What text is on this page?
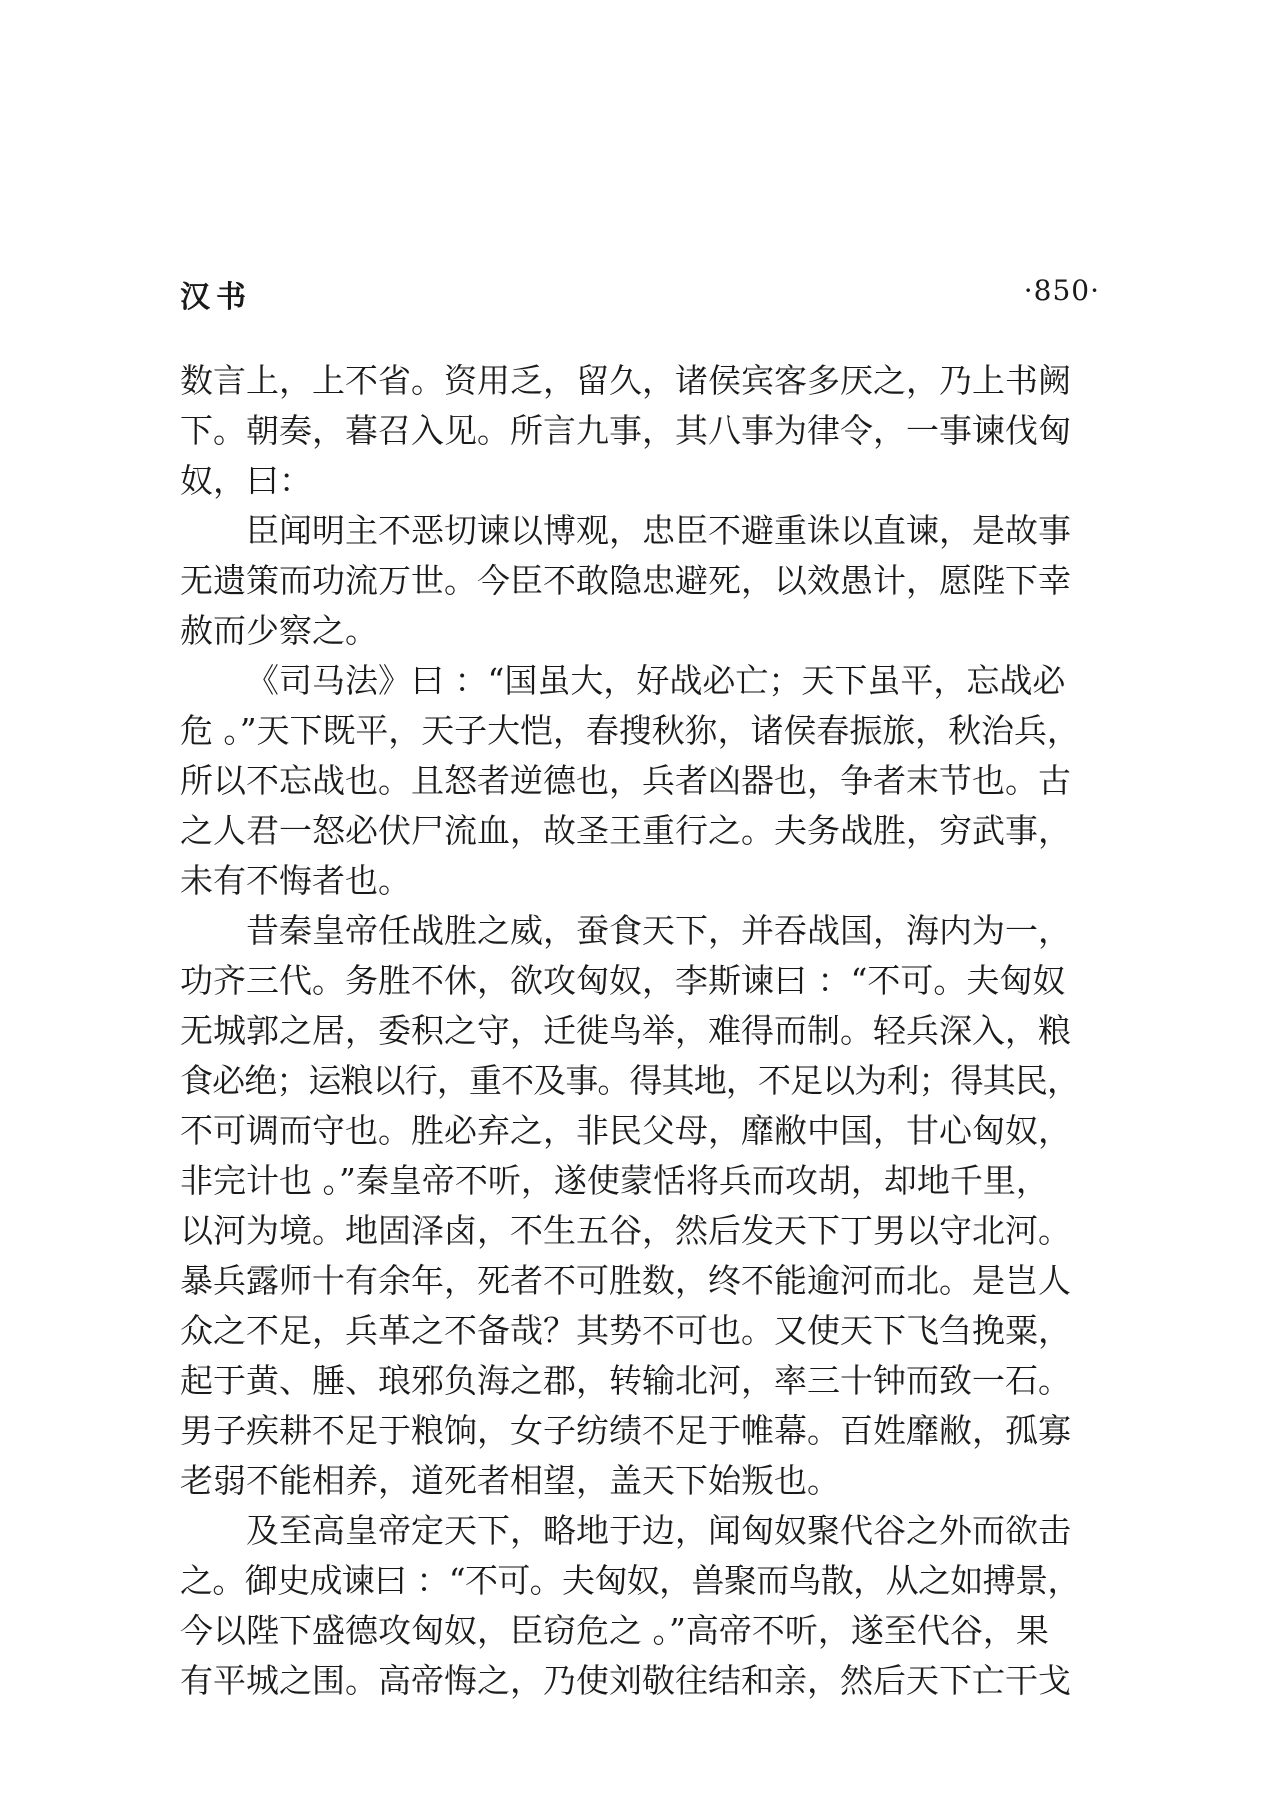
汉书	·850·
数言上，上不省。资用乏，留久，诸侯宾客多厌之，乃上书阙
下。朝奏，暮召入见。所言九事，其八事为律令，一事谏伐匈
奴，曰：
臣闻明主不恶切谏以博观，忠臣不避重诛以直谏，是故事
无遗策而功流万世。今臣不敢隐忠避死，以效愚计，愿陛下幸
赦而少察之。
《司马法》曰 ：“国虽大，好战必亡；天下虽平，忘战必
危 。”天下既平，天子大恺，春搜秋狝，诸侯春振旅，秋治兵，
所以不忘战也。且怒者逆德也，兵者凶器也，争者末节也。古
之人君一怒必伏尸流血，故圣王重行之。夫务战胜，穷武事，
未有不悔者也。
昔秦皇帝任战胜之威，蚕食天下，并吞战国，海内为一，
功齐三代。务胜不休，欲攻匈奴，李斯谏曰 ：“不可。夫匈奴
无城郭之居，委积之守，迁徙鸟举，难得而制。轻兵深入，粮
食必绝；运粮以行，重不及事。得其地，不足以为利；得其民，
不可调而守也。胜必弃之，非民父母，靡敝中国，甘心匈奴，
非完计也 。”秦皇帝不听，遂使蒙恬将兵而攻胡，却地千里，
以河为境。地固泽卤，不生五谷，然后发天下丁男以守北河。
暴兵露师十有余年，死者不可胜数，终不能逾河而北。是岂人
众之不足，兵革之不备哉？其势不可也。又使天下飞刍挽粟，
起于黄、腄、琅邪负海之郡，转输北河，率三十钟而致一石。
男子疾耕不足于粮饷，女子纺绩不足于帷幕。百姓靡敝，孤寡
老弱不能相养，道死者相望，盖天下始叛也。
及至高皇帝定天下，略地于边，闻匈奴聚代谷之外而欲击
之。御史成谏曰 ：“不可。夫匈奴，兽聚而鸟散，从之如搏景，
今以陛下盛德攻匈奴，臣窃危之 。”高帝不听，遂至代谷，果
有平城之围。高帝悔之，乃使刘敬往结和亲，然后天下亡干戈
